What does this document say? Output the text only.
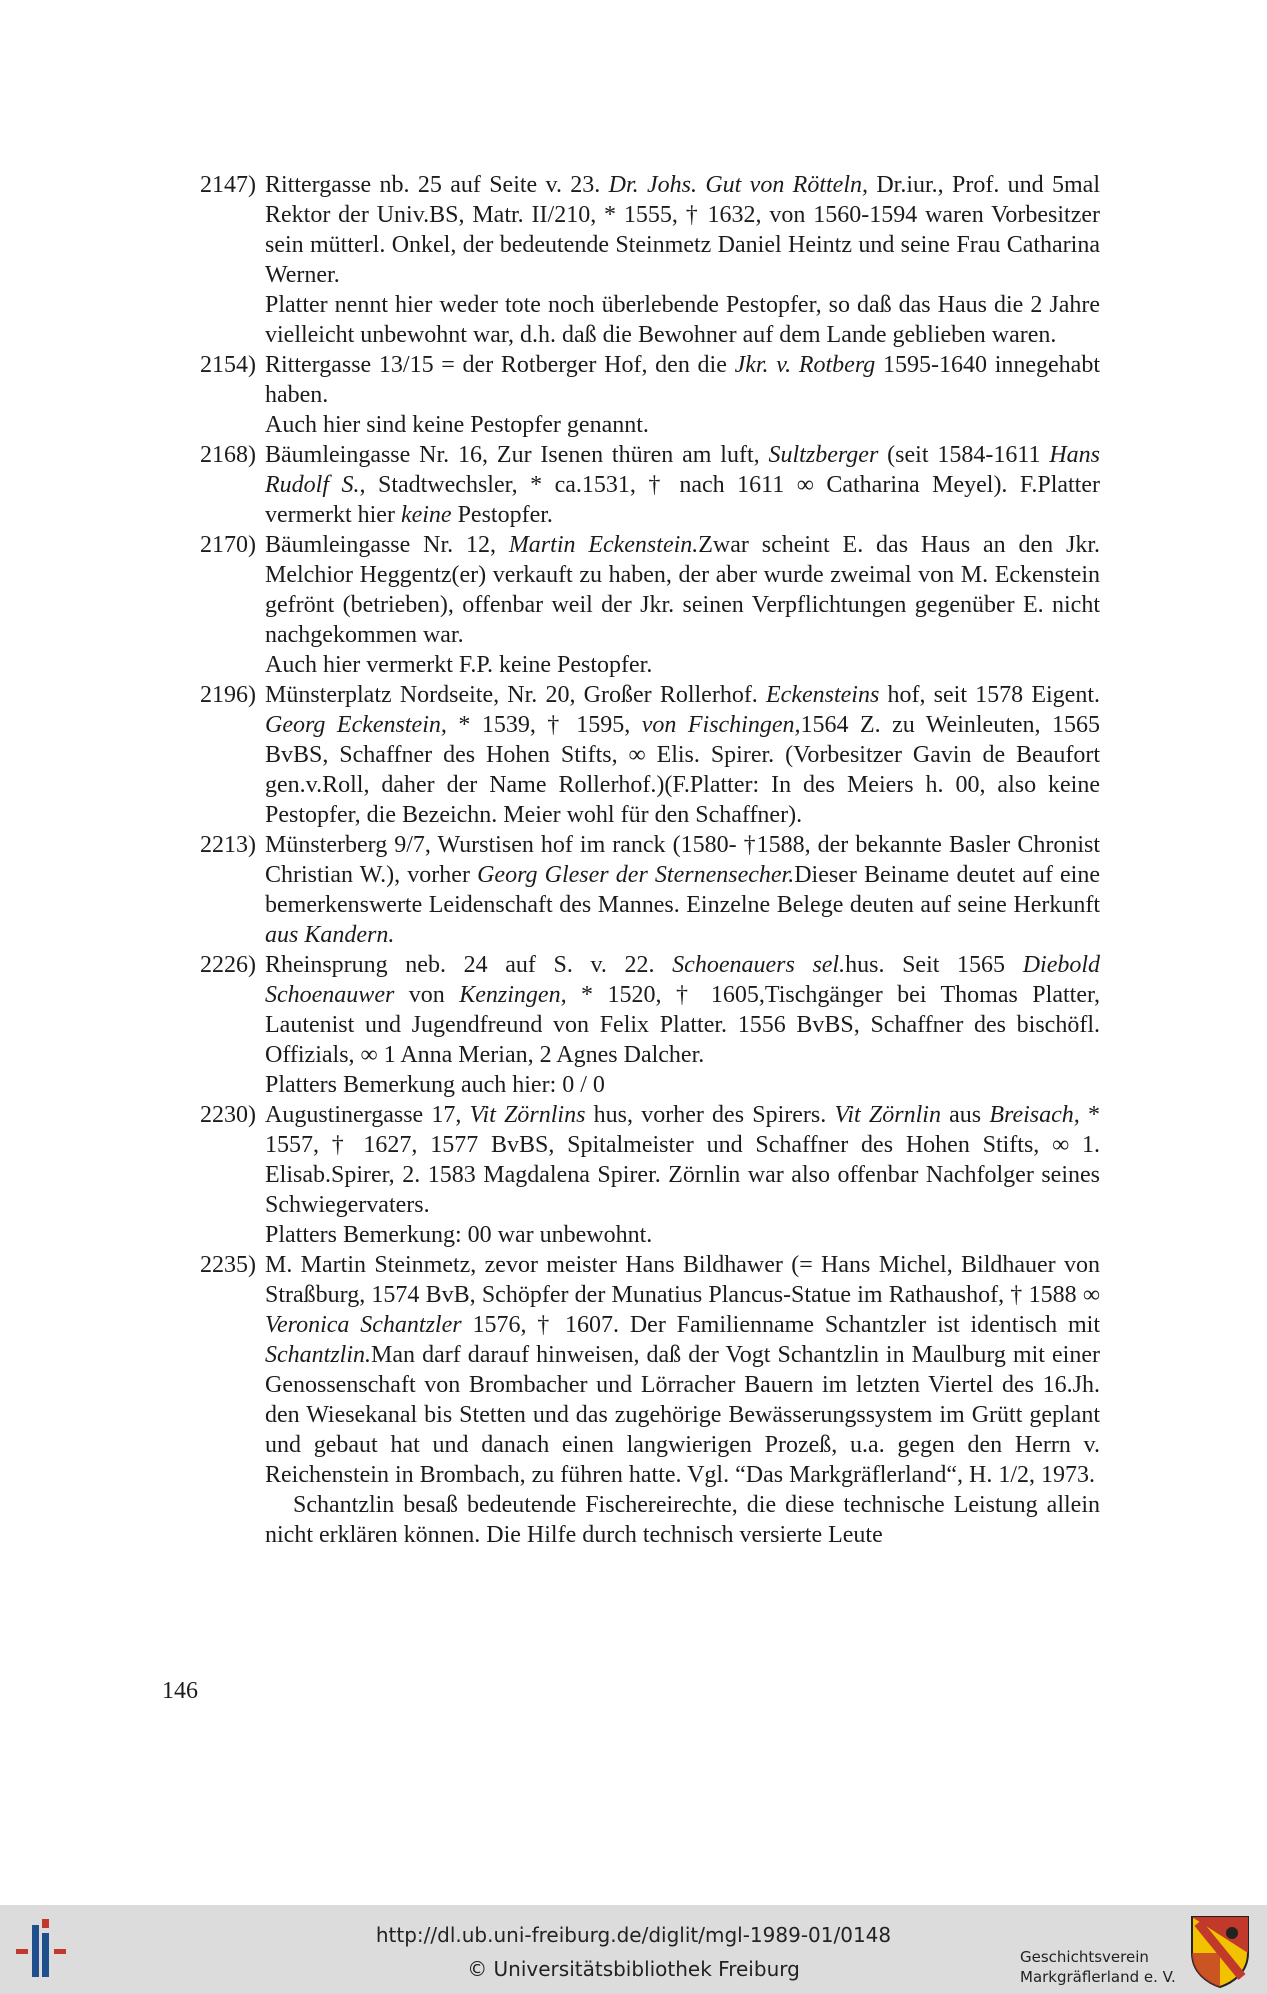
2147) Rittergasse nb. 25 auf Seite v. 23. Dr. Johs. Gut von Rötteln, Dr.iur., Prof. und 5mal Rektor der Univ.BS, Matr. II/210, * 1555, † 1632, von 1560-1594 waren Vorbesitzer sein mütterl. Onkel, der bedeutende Steinmetz Daniel Heintz und seine Frau Catharina Werner.

Platter nennt hier weder tote noch überlebende Pestopfer, so daß das Haus die 2 Jahre vielleicht unbewohnt war, d.h. daß die Bewohner auf dem Lande geblieben waren.

2154) Rittergasse 13/15 = der Rotberger Hof, den die Jkr. v. Rotberg 1595-1640 innegehabt haben.

Auch hier sind keine Pestopfer genannt.

2168) Bäumleingasse Nr. 16, Zur Isenen thüren am luft, Sultzberger (seit 1584-1611 Hans Rudolf S., Stadtwechsler, * ca.1531, † nach 1611 ∞ Catharina Meyel). F.Platter vermerkt hier keine Pestopfer.

2170) Bäumleingasse Nr. 12, Martin Eckenstein.Zwar scheint E. das Haus an den Jkr. Melchior Heggentz(er) verkauft zu haben, der aber wurde zweimal von M. Eckenstein gefrönt (betrieben), offenbar weil der Jkr. seinen Verpflichtungen gegenüber E. nicht nachgekommen war.

Auch hier vermerkt F.P. keine Pestopfer.

2196) Münsterplatz Nordseite, Nr. 20, Großer Rollerhof. Eckensteins hof, seit 1578 Eigent. Georg Eckenstein, * 1539, † 1595, von Fischingen,1564 Z. zu Weinleuten, 1565 BvBS, Schaffner des Hohen Stifts, ∞ Elis. Spirer. (Vorbesitzer Gavin de Beaufort gen.v.Roll, daher der Name Rollerhof.)(F.Platter: In des Meiers h. 00, also keine Pestopfer, die Bezeichn. Meier wohl für den Schaffner).

2213) Münsterberg 9/7, Wurstisen hof im ranck (1580- †1588, der bekannte Basler Chronist Christian W.), vorher Georg Gleser der Sternensecher.Dieser Beiname deutet auf eine bemerkenswerte Leidenschaft des Mannes. Einzelne Belege deuten auf seine Herkunft aus Kandern.

2226) Rheinsprung neb. 24 auf S. v. 22. Schoenauers sel.hus. Seit 1565 Diebold Schoenauwer von Kenzingen, * 1520, † 1605,Tischgänger bei Thomas Platter, Lautenist und Jugendfreund von Felix Platter. 1556 BvBS, Schaffner des bischöfl. Offizials, ∞ 1 Anna Merian, 2 Agnes Dalcher.

Platters Bemerkung auch hier: 0 / 0

2230) Augustinergasse 17, Vit Zörnlins hus, vorher des Spirers. Vit Zörnlin aus Breisach, * 1557, † 1627, 1577 BvBS, Spitalmeister und Schaffner des Hohen Stifts, ∞ 1. Elisab.Spirer, 2. 1583 Magdalena Spirer. Zörnlin war also offenbar Nachfolger seines Schwiegervaters.

Platters Bemerkung: 00 war unbewohnt.

2235) M. Martin Steinmetz, zevor meister Hans Bildhawer (= Hans Michel, Bildhauer von Straßburg, 1574 BvB, Schöpfer der Munatius Plancus-Statue im Rathaushof, † 1588 ∞ Veronica Schantzler 1576, † 1607. Der Familienname Schantzler ist identisch mit Schantzlin.Man darf darauf hinweisen, daß der Vogt Schantzlin in Maulburg mit einer Genossenschaft von Brombacher und Lörracher Bauern im letzten Viertel des 16.Jh. den Wiesekanal bis Stetten und das zugehörige Bewässerungssystem im Grütt geplant und gebaut hat und danach einen langwierigen Prozeß, u.a. gegen den Herrn v. Reichenstein in Brombach, zu führen hatte. Vgl. “Das Markgräflerland“, H. 1/2, 1973.

Schantzlin besaß bedeutende Fischereirechte, die diese technische Leistung allein nicht erklären können. Die Hilfe durch technisch versierte Leute

146
http://dl.ub.uni-freiburg.de/diglit/mgl-1989-01/0148
© Universitätsbibliothek Freiburg	Geschichtsverein
Markgräflerland e. V.
